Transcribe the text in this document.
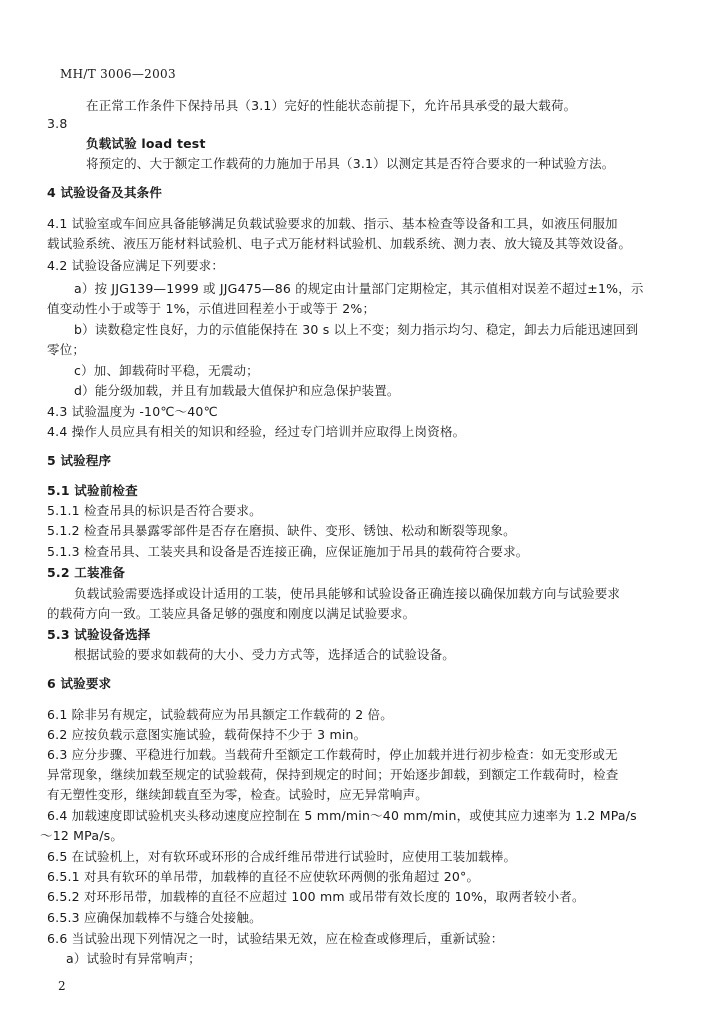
MH/T 3006—2003
在正常工作条件下保持吊具（3.1）完好的性能状态前提下，允许吊具承受的最大载荷。
3.8
负载试验 load test
将预定的、大于额定工作载荷的力施加于吊具（3.1）以测定其是否符合要求的一种试验方法。
4 试验设备及其条件
4.1 试验室或车间应具备能够满足负载试验要求的加载、指示、基本检查等设备和工具，如液压伺服加
载试验系统、液压万能材料试验机、电子式万能材料试验机、加载系统、测力表、放大镜及其等效设备。
4.2 试验设备应满足下列要求：
a）按 JJG139—1999 或 JJG475—86 的规定由计量部门定期检定，其示值相对误差不超过±1%，示
值变动性小于或等于 1%，示值进回程差小于或等于 2%；
b）读数稳定性良好，力的示值能保持在 30 s 以上不变；刻力指示均匀、稳定，卸去力后能迅速回到
零位；
c）加、卸载荷时平稳，无震动；
d）能分级加载，并且有加载最大值保护和应急保护装置。
4.3 试验温度为 -10℃～40℃
4.4 操作人员应具有相关的知识和经验，经过专门培训并应取得上岗资格。
5 试验程序
5.1 试验前检查
5.1.1 检查吊具的标识是否符合要求。
5.1.2 检查吊具暴露零部件是否存在磨损、缺件、变形、锈蚀、松动和断裂等现象。
5.1.3 检查吊具、工装夹具和设备是否连接正确，应保证施加于吊具的载荷符合要求。
5.2 工装准备
负载试验需要选择或设计适用的工装，使吊具能够和试验设备正确连接以确保加载方向与试验要求
的载荷方向一致。工装应具备足够的强度和刚度以满足试验要求。
5.3 试验设备选择
根据试验的要求如载荷的大小、受力方式等，选择适合的试验设备。
6 试验要求
6.1 除非另有规定，试验载荷应为吊具额定工作载荷的 2 倍。
6.2 应按负载示意图实施试验，载荷保持不少于 3 min。
6.3 应分步骤、平稳进行加载。当载荷升至额定工作载荷时，停止加载并进行初步检查：如无变形或无
异常现象，继续加载至规定的试验载荷，保持到规定的时间；开始逐步卸载，到额定工作载荷时，检查
有无塑性变形，继续卸载直至为零，检查。试验时，应无异常响声。
6.4 加载速度即试验机夹头移动速度应控制在 5 mm/min～40 mm/min，或使其应力速率为 1.2 MPa/s
～12 MPa/s。
6.5 在试验机上，对有软环或环形的合成纤维吊带进行试验时，应使用工装加载棒。
6.5.1 对具有软环的单吊带，加载棒的直径不应使软环两侧的张角超过 20°。
6.5.2 对环形吊带，加载棒的直径不应超过 100 mm 或吊带有效长度的 10%，取两者较小者。
6.5.3 应确保加载棒不与缝合处接触。
6.6 当试验出现下列情况之一时，试验结果无效，应在检查或修理后，重新试验：
a）试验时有异常响声；
2
